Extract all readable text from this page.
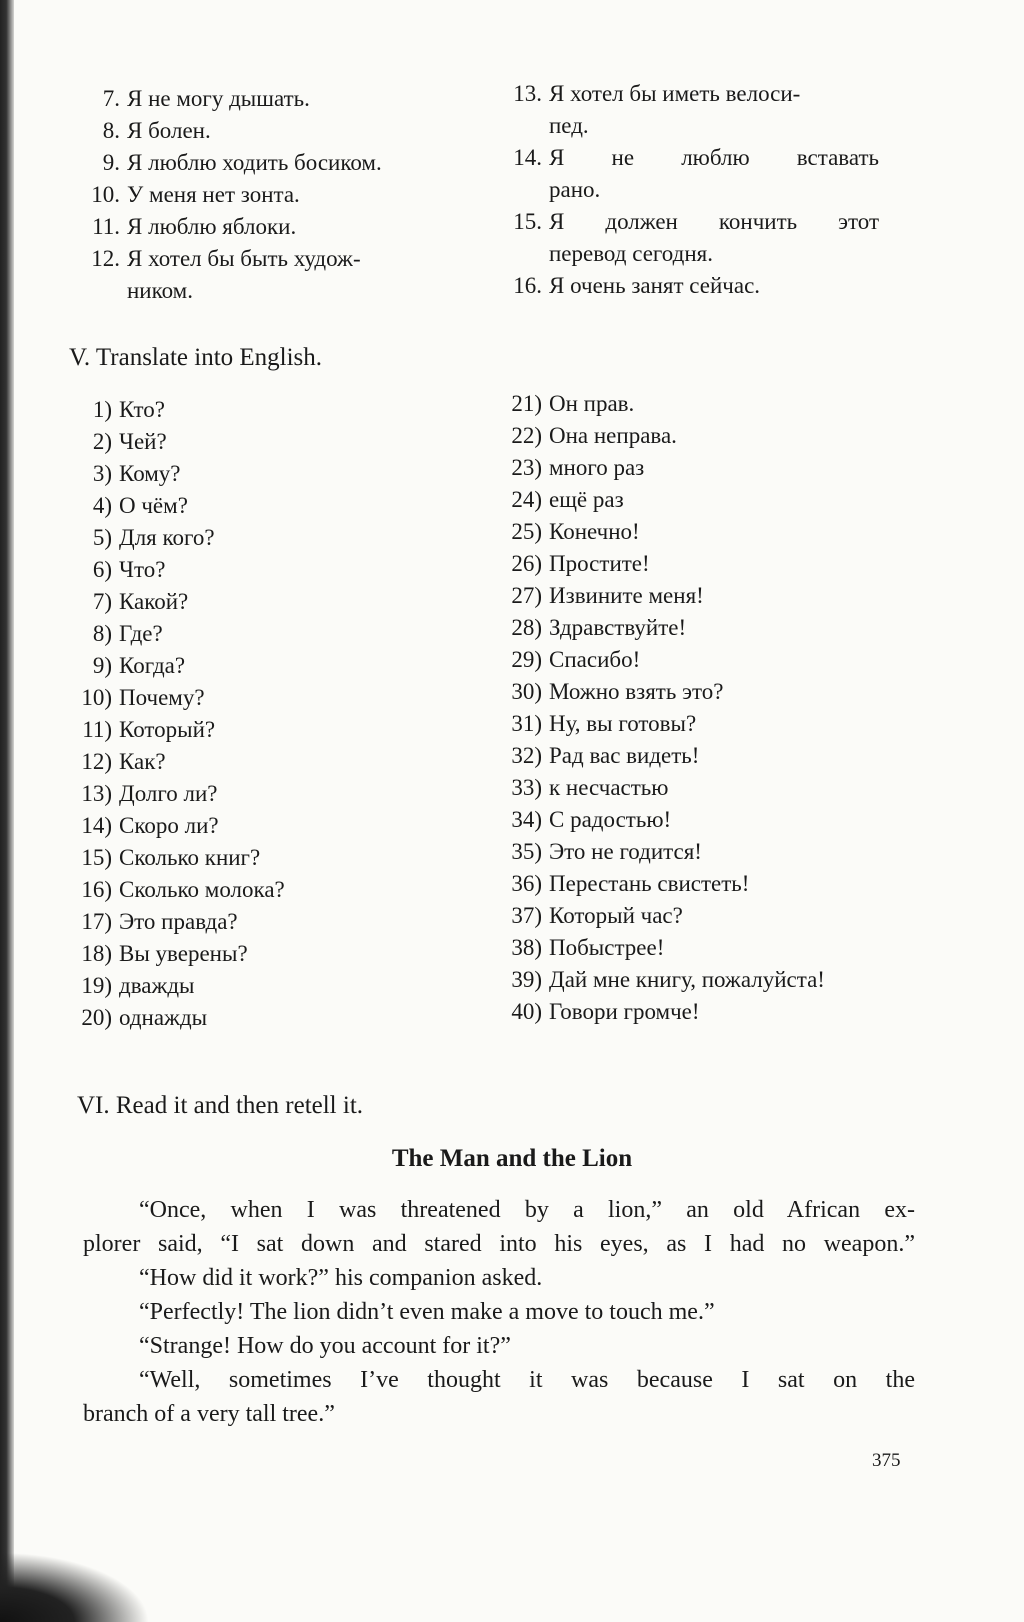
7. Я не могу дышать.
8. Я болен.
9. Я люблю ходить босиком.
10. У меня нет зонта.
11. Я люблю яблоки.
12. Я хотел бы быть худож-
ником.
13. Я хотел бы иметь велоси-
пед.
14. Я не люблю вставать
рано.
15. Я должен кончить этот
перевод сегодня.
16. Я очень занят сейчас.
V. Translate into English.
1) Кто?
2) Чей?
3) Кому?
4) О чём?
5) Для кого?
6) Что?
7) Какой?
8) Где?
9) Когда?
10) Почему?
11) Который?
12) Как?
13) Долго ли?
14) Скоро ли?
15) Сколько книг?
16) Сколько молока?
17) Это правда?
18) Вы уверены?
19) дважды
20) однажды
21) Он прав.
22) Она неправа.
23) много раз
24) ещё раз
25) Конечно!
26) Простите!
27) Извините меня!
28) Здравствуйте!
29) Спасибо!
30) Можно взять это?
31) Ну, вы готовы?
32) Рад вас видеть!
33) к несчастью
34) С радостью!
35) Это не годится!
36) Перестань свистеть!
37) Который час?
38) Побыстрее!
39) Дай мне книгу, пожалуйста!
40) Говори громче!
VI. Read it and then retell it.
The Man and the Lion

“Once, when I was threatened by a lion,” an old African ex-

plorer said, “I sat down and stared into his eyes, as I had no weapon.”

“How did it work?” his companion asked.

“Perfectly! The lion didn’t even make a move to touch me.”

“Strange! How do you account for it?”

“Well, sometimes I’ve thought it was because I sat on the

branch of a very tall tree.”

375
